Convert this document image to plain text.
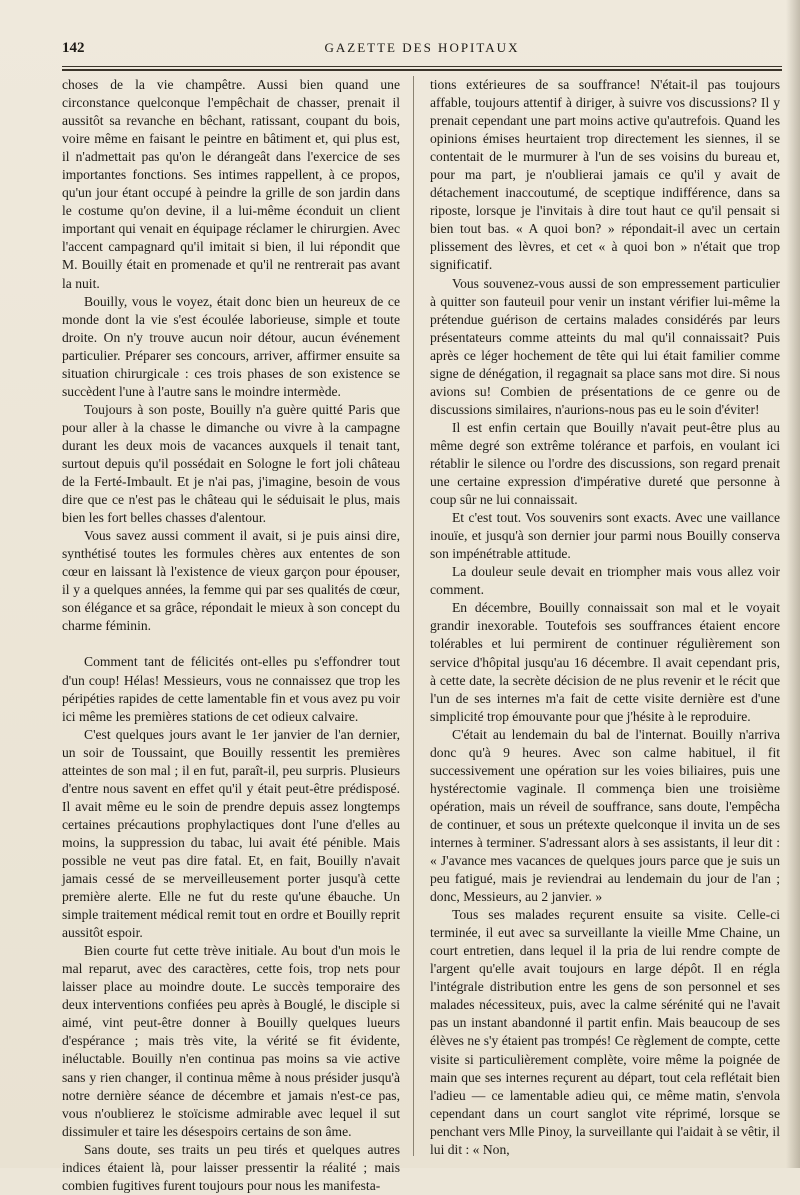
142	GAZETTE DES HOPITAUX

choses de la vie champêtre. Aussi bien quand une circonstance quelconque l'empêchait de chasser, prenait il aussitôt sa revanche en bêchant, ratissant, coupant du bois, voire même en faisant le peintre en bâtiment et, qui plus est, il n'admettait pas qu'on le dérangeât dans l'exercice de ses importantes fonctions. Ses intimes rappellent, à ce propos, qu'un jour étant occupé à peindre la grille de son jardin dans le costume qu'on devine, il a lui-même éconduit un client important qui venait en équipage réclamer le chirurgien. Avec l'accent campagnard qu'il imitait si bien, il lui répondit que M. Bouilly était en promenade et qu'il ne rentrerait pas avant la nuit.

Bouilly, vous le voyez, était donc bien un heureux de ce monde dont la vie s'est écoulée laborieuse, simple et toute droite. On n'y trouve aucun noir détour, aucun événement particulier. Préparer ses concours, arriver, affirmer ensuite sa situation chirurgicale : ces trois phases de son existence se succèdent l'une à l'autre sans le moindre intermède.

Toujours à son poste, Bouilly n'a guère quitté Paris que pour aller à la chasse le dimanche ou vivre à la campagne durant les deux mois de vacances auxquels il tenait tant, surtout depuis qu'il possédait en Sologne le fort joli château de la Ferté-Imbault. Et je n'ai pas, j'imagine, besoin de vous dire que ce n'est pas le château qui le séduisait le plus, mais bien les fort belles chasses d'alentour.

Vous savez aussi comment il avait, si je puis ainsi dire, synthétisé toutes les formules chères aux ententes de son cœur en laissant là l'existence de vieux garçon pour épouser, il y a quelques années, la femme qui par ses qualités de cœur, son élégance et sa grâce, répondait le mieux à son concept du charme féminin.

Comment tant de félicités ont-elles pu s'effondrer tout d'un coup! Hélas! Messieurs, vous ne connaissez que trop les péripéties rapides de cette lamentable fin et vous avez pu voir ici même les premières stations de cet odieux calvaire.

C'est quelques jours avant le 1er janvier de l'an dernier, un soir de Toussaint, que Bouilly ressentit les premières atteintes de son mal ; il en fut, paraît-il, peu surpris. Plusieurs d'entre nous savent en effet qu'il y était peut-être prédisposé. Il avait même eu le soin de prendre depuis assez longtemps certaines précautions prophylactiques dont l'une d'elles au moins, la suppression du tabac, lui avait été pénible. Mais possible ne veut pas dire fatal. Et, en fait, Bouilly n'avait jamais cessé de se merveilleusement porter jusqu'à cette première alerte. Elle ne fut du reste qu'une ébauche. Un simple traitement médical remit tout en ordre et Bouilly reprit aussitôt espoir.

Bien courte fut cette trève initiale. Au bout d'un mois le mal reparut, avec des caractères, cette fois, trop nets pour laisser place au moindre doute. Le succès temporaire des deux interventions confiées peu après à Bouglé, le disciple si aimé, vint peut-être donner à Bouilly quelques lueurs d'espérance ; mais très vite, la vérité se fit évidente, inéluctable. Bouilly n'en continua pas moins sa vie active sans y rien changer, il continua même à nous présider jusqu'à notre dernière séance de décembre et jamais n'est-ce pas, vous n'oublierez le stoïcisme admirable avec lequel il sut dissimuler et taire les désespoirs certains de son âme.

Sans doute, ses traits un peu tirés et quelques autres indices étaient là, pour laisser pressentir la réalité ; mais combien fugitives furent toujours pour nous les manifesta-

tions extérieures de sa souffrance! N'était-il pas toujours affable, toujours attentif à diriger, à suivre vos discussions? Il y prenait cependant une part moins active qu'autrefois. Quand les opinions émises heurtaient trop directement les siennes, il se contentait de le murmurer à l'un de ses voisins du bureau et, pour ma part, je n'oublierai jamais ce qu'il y avait de détachement inaccoutumé, de sceptique indifférence, dans sa riposte, lorsque je l'invitais à dire tout haut ce qu'il pensait si bien tout bas. « A quoi bon? » répondait-il avec un certain plissement des lèvres, et cet « à quoi bon » n'était que trop significatif.

Vous souvenez-vous aussi de son empressement particulier à quitter son fauteuil pour venir un instant vérifier lui-même la prétendue guérison de certains malades considérés par leurs présentateurs comme atteints du mal qu'il connaissait? Puis après ce léger hochement de tête qui lui était familier comme signe de dénégation, il regagnait sa place sans mot dire. Si nous avions su! Combien de présentations de ce genre ou de discussions similaires, n'aurions-nous pas eu le soin d'éviter!

Il est enfin certain que Bouilly n'avait peut-être plus au même degré son extrême tolérance et parfois, en voulant ici rétablir le silence ou l'ordre des discussions, son regard prenait une certaine expression d'impérative dureté que personne à coup sûr ne lui connaissait.

Et c'est tout. Vos souvenirs sont exacts. Avec une vaillance inouïe, et jusqu'à son dernier jour parmi nous Bouilly conserva son impénétrable attitude.

La douleur seule devait en triompher mais vous allez voir comment.

En décembre, Bouilly connaissait son mal et le voyait grandir inexorable. Toutefois ses souffrances étaient encore tolérables et lui permirent de continuer régulièrement son service d'hôpital jusqu'au 16 décembre. Il avait cependant pris, à cette date, la secrète décision de ne plus revenir et le récit que l'un de ses internes m'a fait de cette visite dernière est d'une simplicité trop émouvante pour que j'hésite à le reproduire.

C'était au lendemain du bal de l'internat. Bouilly n'arriva donc qu'à 9 heures. Avec son calme habituel, il fit successivement une opération sur les voies biliaires, puis une hystérectomie vaginale. Il commença bien une troisième opération, mais un réveil de souffrance, sans doute, l'empêcha de continuer, et sous un prétexte quelconque il invita un de ses internes à terminer. S'adressant alors à ses assistants, il leur dit : « J'avance mes vacances de quelques jours parce que je suis un peu fatigué, mais je reviendrai au lendemain du jour de l'an ; donc, Messieurs, au 2 janvier. »

Tous ses malades reçurent ensuite sa visite. Celle-ci terminée, il eut avec sa surveillante la vieille Mme Chaine, un court entretien, dans lequel il la pria de lui rendre compte de l'argent qu'elle avait toujours en large dépôt. Il en régla l'intégrale distribution entre les gens de son personnel et ses malades nécessiteux, puis, avec la calme sérénité qui ne l'avait pas un instant abandonné il partit enfin. Mais beaucoup de ses élèves ne s'y étaient pas trompés! Ce règlement de compte, cette visite si particulièrement complète, voire même la poignée de main que ses internes reçurent au départ, tout cela reflétait bien l'adieu — ce lamentable adieu qui, ce même matin, s'envola cependant dans un court sanglot vite réprimé, lorsque se penchant vers Mlle Pinoy, la surveillante qui l'aidait à se vêtir, il lui dit : « Non,
